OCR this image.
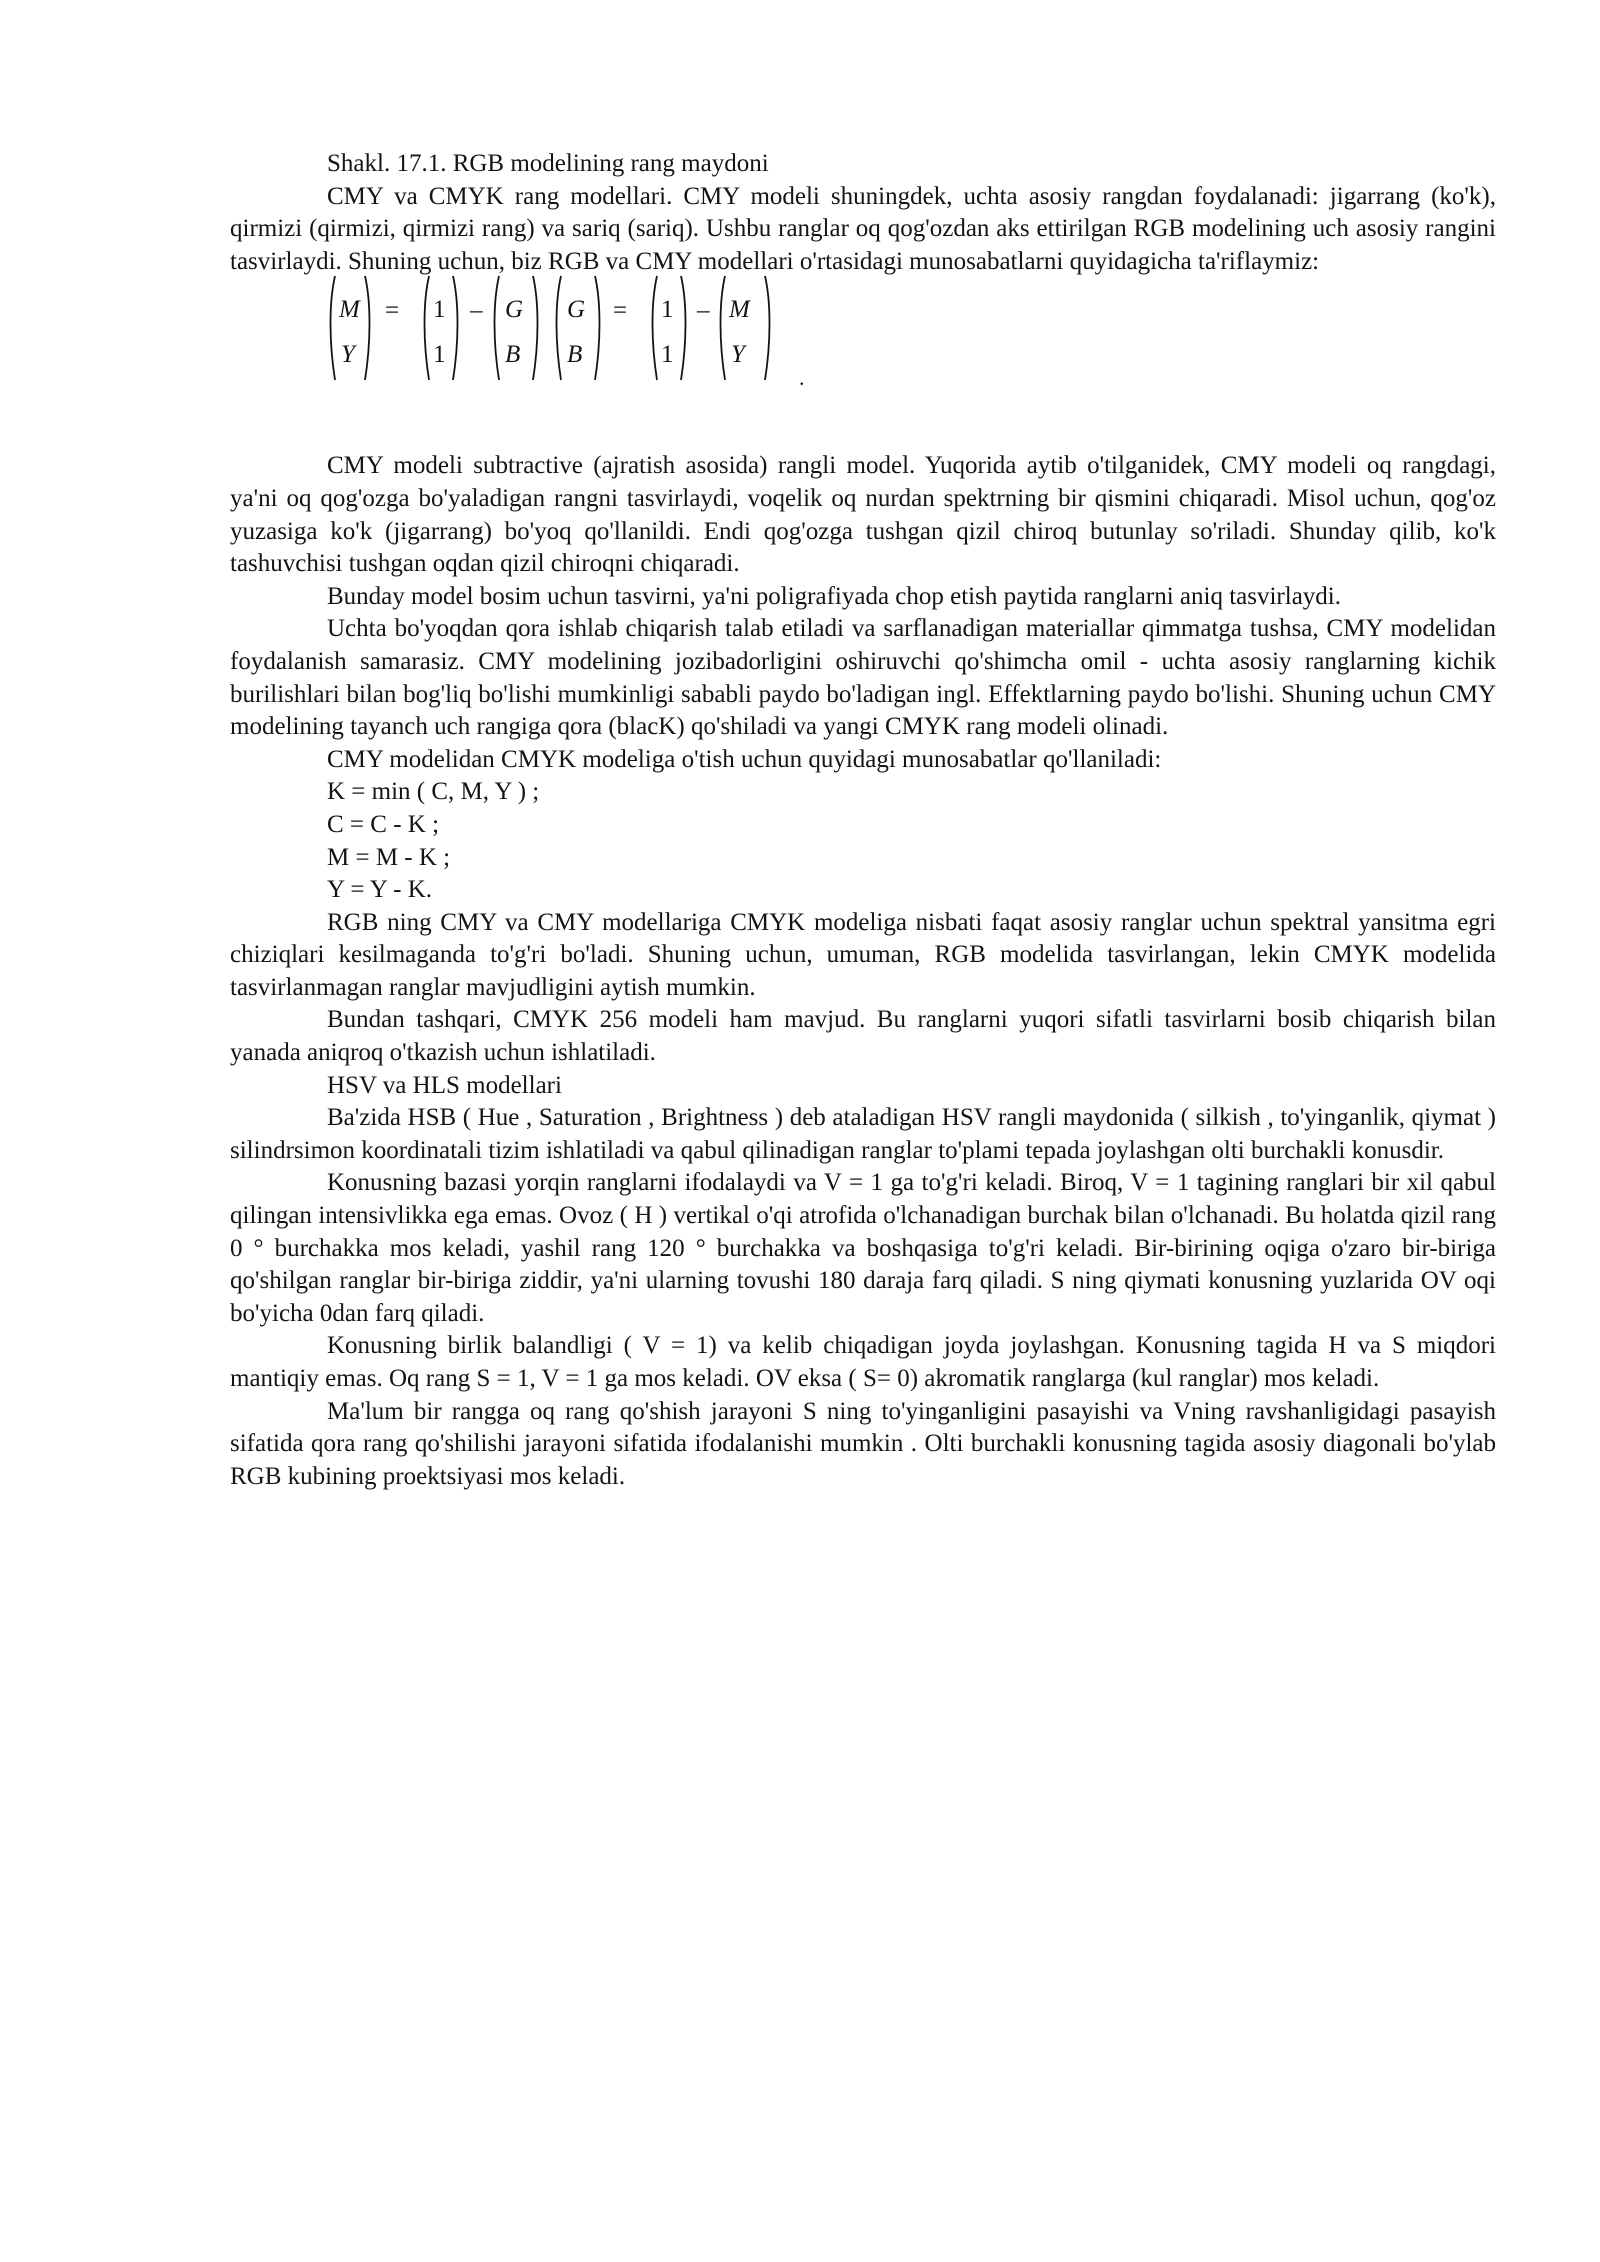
Shakl. 17.1. RGB modelining rang maydoni

CMY va CMYK rang modellari. CMY modeli shuningdek, uchta asosiy rangdan foydalanadi: jigarrang (ko'k), qirmizi (qirmizi, qirmizi rang) va sariq (sariq). Ushbu ranglar oq qog'ozdan aks ettirilgan RGB modelining uch asosiy rangini tasvirlaydi. Shuning uchun, biz RGB va CMY modellari o'rtasidagi munosabatlarni quyidagicha ta'riflaymiz:

M
Y
= 1
1
– G
B
G
B
= 1
1
– M
Y
.

CMY modeli subtractive (ajratish asosida) rangli model. Yuqorida aytib o'tilganidek, CMY modeli oq rangdagi, ya'ni oq qog'ozga bo'yaladigan rangni tasvirlaydi, voqelik oq nurdan spektrning bir qismini chiqaradi. Misol uchun, qog'oz yuzasiga ko'k (jigarrang) bo'yoq qo'llanildi. Endi qog'ozga tushgan qizil chiroq butunlay so'riladi. Shunday qilib, ko'k tashuvchisi tushgan oqdan qizil chiroqni chiqaradi.

Bunday model bosim uchun tasvirni, ya'ni poligrafiyada chop etish paytida ranglarni aniq tasvirlaydi.

Uchta bo'yoqdan qora ishlab chiqarish talab etiladi va sarflanadigan materiallar qimmatga tushsa, CMY modelidan foydalanish samarasiz. CMY modelining jozibadorligini oshiruvchi qo'shimcha omil - uchta asosiy ranglarning kichik burilishlari bilan bog'liq bo'lishi mumkinligi sababli paydo bo'ladigan ingl. Effektlarning paydo bo'lishi. Shuning uchun CMY modelining tayanch uch rangiga qora (blacK) qo'shiladi va yangi CMYK rang modeli olinadi.

CMY modelidan CMYK modeliga o'tish uchun quyidagi munosabatlar qo'llaniladi:

K = min ( C, M, Y ) ;

C = C - K ;

M = M - K ;

Y = Y - K.

RGB ning CMY va CMY modellariga CMYK modeliga nisbati faqat asosiy ranglar uchun spektral yansitma egri chiziqlari kesilmaganda to'g'ri bo'ladi. Shuning uchun, umuman, RGB modelida tasvirlangan, lekin CMYK modelida tasvirlanmagan ranglar mavjudligini aytish mumkin.

Bundan tashqari, CMYK 256 modeli ham mavjud. Bu ranglarni yuqori sifatli tasvirlarni bosib chiqarish bilan yanada aniqroq o'tkazish uchun ishlatiladi.

HSV va HLS modellari

Ba'zida HSB ( Hue , Saturation , Brightness ) deb ataladigan HSV rangli maydonida ( silkish , to'yinganlik, qiymat ) silindrsimon koordinatali tizim ishlatiladi va qabul qilinadigan ranglar to'plami tepada joylashgan olti burchakli konusdir.

Konusning bazasi yorqin ranglarni ifodalaydi va V = 1 ga to'g'ri keladi. Biroq, V = 1 tagining ranglari bir xil qabul qilingan intensivlikka ega emas. Ovoz ( H ) vertikal o'qi atrofida o'lchanadigan burchak bilan o'lchanadi. Bu holatda qizil rang 0 ° burchakka mos keladi, yashil rang 120 ° burchakka va boshqasiga to'g'ri keladi. Bir-birining oqiga o'zaro bir-biriga qo'shilgan ranglar bir-biriga ziddir, ya'ni ularning tovushi 180 daraja farq qiladi. S ning qiymati konusning yuzlarida OV oqi bo'yicha 0dan farq qiladi.

Konusning birlik balandligi ( V = 1) va kelib chiqadigan joyda joylashgan. Konusning tagida H va S miqdori mantiqiy emas. Oq rang S = 1, V = 1 ga mos keladi. OV eksa ( S= 0) akromatik ranglarga (kul ranglar) mos keladi.

Ma'lum bir rangga oq rang qo'shish jarayoni S ning to'yinganligini pasayishi va Vning ravshanligidagi pasayish sifatida qora rang qo'shilishi jarayoni sifatida ifodalanishi mumkin . Olti burchakli konusning tagida asosiy diagonali bo'ylab RGB kubining proektsiyasi mos keladi.
